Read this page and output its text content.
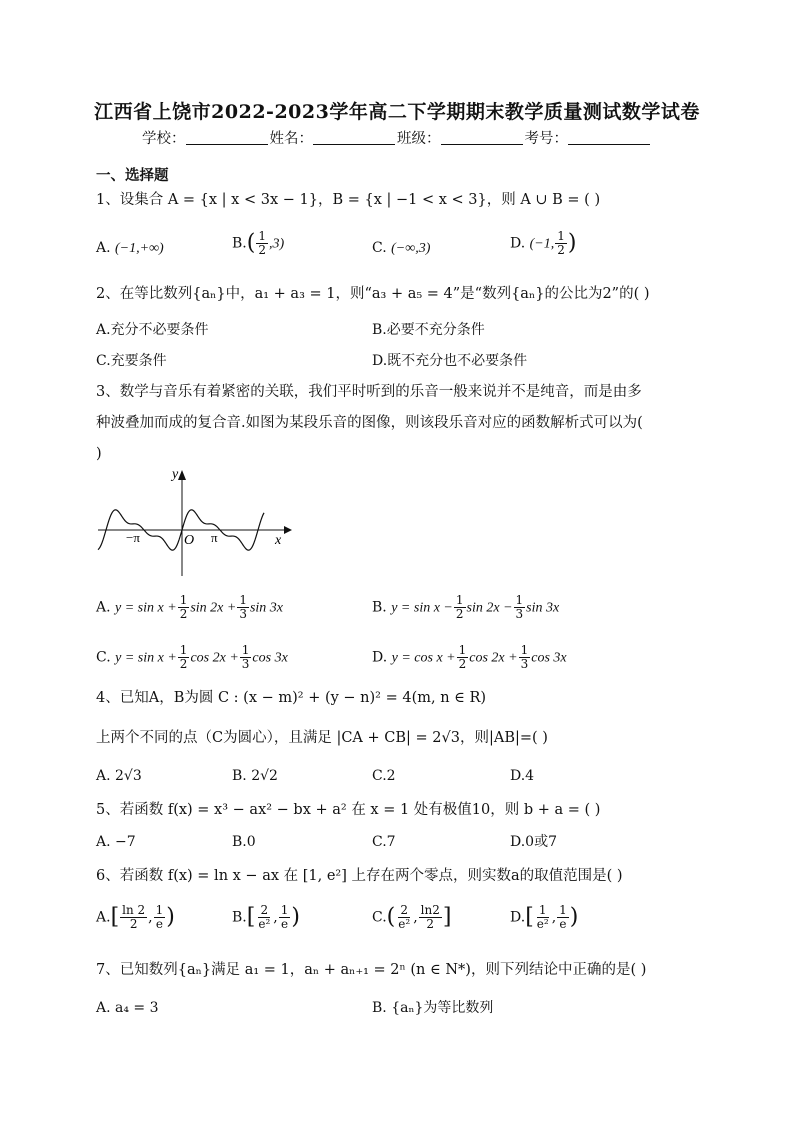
江西省上饶市2022-2023学年高二下学期期末教学质量测试数学试卷
学校：	姓名：	班级：	考号：
一、选择题
1、设集合 A = {x | x < 3x − 1}，B = {x | −1 < x < 3}，则 A ∪ B = ( )
A. (−1,+∞)	$B.( \frac{1}{2} ,3)$	C. (−∞,3)	D. (−1, $\frac{1}{2}$ )
2、在等比数列{aₙ}中，a₁ + a₃ = 1，则“a₃ + a₅ = 4”是“数列{aₙ}的公比为2”的( )
A.充分不必要条件	B.必要不充分条件
C.充要条件	D.既不充分也不必要条件
3、数学与音乐有着紧密的关联，我们平时听到的乐音一般来说并不是纯音，而是由多
种波叠加而成的复合音.如图为某段乐音的图像，则该段乐音对应的函数解析式可以为(
)
y
x
O π
−π
A. $y = \sin x + \frac{1}{2}$ $\sin 2x + \frac{1}{3}$ sin 3x	B. $y = \sin x - \frac{1}{2}$ $\sin 2x - \frac{1}{3}$ sin 3x
C. $y = \sin x + \frac{1}{2}$ $\cos 2x + \frac{1}{3}$ cos 3x	D. $y = \cos x + \frac{1}{2}$ $\cos 2x + \frac{1}{3}$ cos 3x
4、已知A，B为圆 C : (x − m)² + (y − n)² = 4(m, n ∈ R)
上两个不同的点（C为圆心），且满足 |CA + CB| = 2√3，则|AB|=( )
A. 2√3	B. 2√2	C.2	D.4
5、若函数 f(x) = x³ − ax² − bx + a² 在 x = 1 处有极值10，则 b + a = ( )
A. −7	B.0	C.7	D.0或7
6、若函数 f(x) = ln x − ax 在 [1, e²] 上存在两个零点，则实数a的取值范围是( )
$A.[ \frac{\ln 2}{2}$ , $\frac{1}{e}$ )	$B.[ \frac{2}{\text{e²}}$ , $\frac{1}{e}$ )	$C.( \frac{2}{\text{e²}}$ , $\frac{\ln 2}{2}$ ]	$D.[ \frac{1}{\text{e²}}$ , $\frac{1}{e}$ )
7、已知数列{aₙ}满足 a₁ = 1，aₙ + aₙ₊₁ = 2ⁿ (n ∈ N*)，则下列结论中正确的是( )
A. a₄ = 3	B. {aₙ}为等比数列
